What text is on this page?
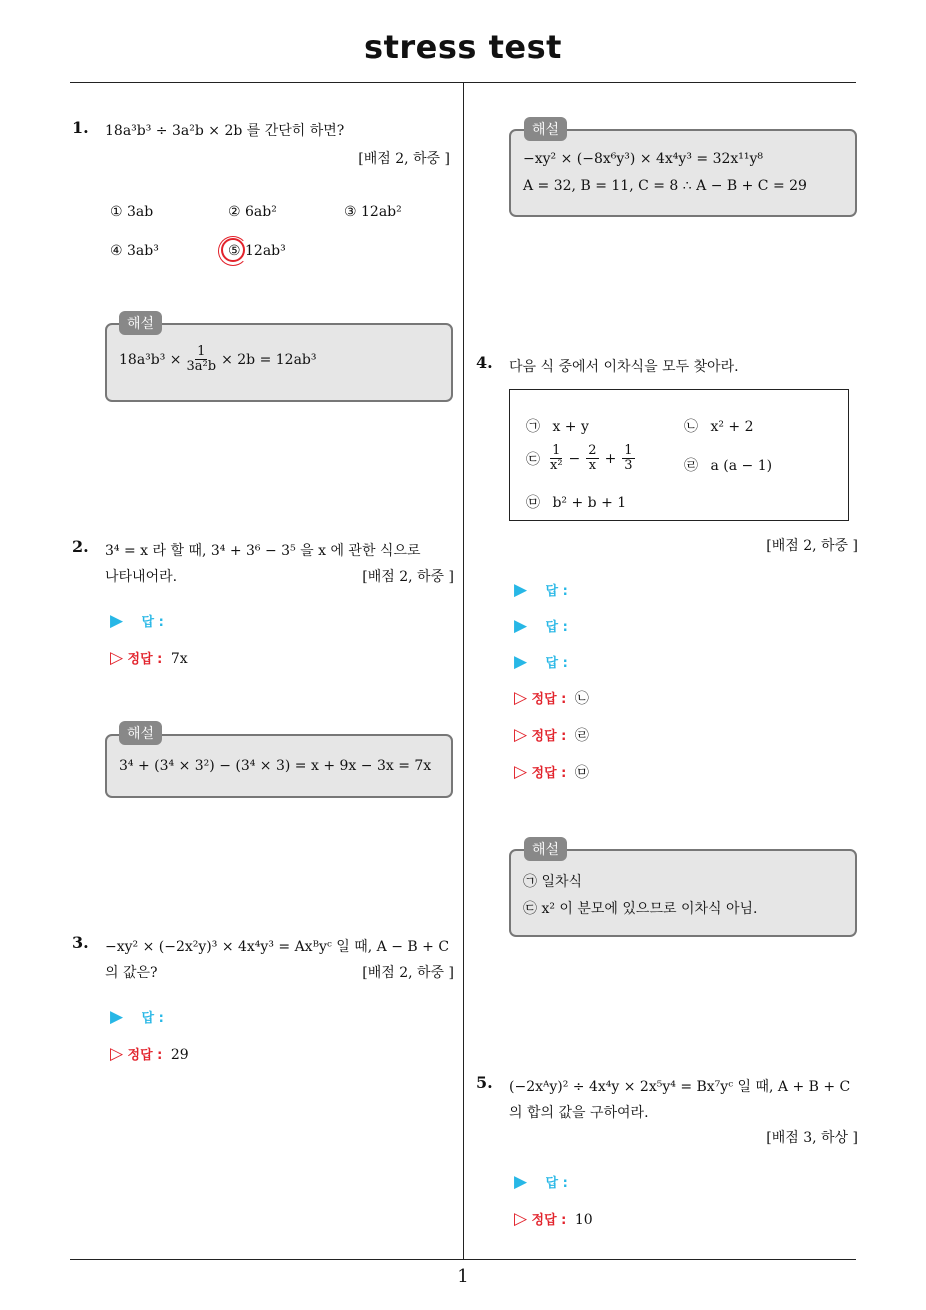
stress test
1
1. 18a³b³ ÷ 3a²b × 2b 를 간단히 하면?
[배점 2, 하중 ]
① 3ab	② 6ab²	③ 12ab²
④ 3ab³	⑤ 12ab³
$18a^3b^3 \times \frac{1}{\text{3a²b}} \times 2b = 12ab^3$
해설
2. 3⁴ = x 라 할 때, 3⁴ + 3⁶ − 3⁵ 을 x 에 관한 식으로
나타내어라.	[배점 2, 하중 ]
▶ 답 :
▷ 정답 : 7x
3⁴ + (3⁴ × 3²) − (3⁴ × 3) = x + 9x − 3x = 7x
해설
3. −xy² × (−2x²y)³ × 4x⁴y³ = Axᴮyᶜ 일 때, A − B + C
의 값은?	[배점 2, 하중 ]
▶ 답 :
▷ 정답 : 29
−xy² × (−8x⁶y³) × 4x⁴y³ = 32x¹¹y⁸
A = 32, B = 11, C = 8 ∴ A − B + C = 29
해설
4. 다음 식 중에서 이차식을 모두 찾아라.
㉠ x + y	㉡ x² + 2
㉢ $\frac{1}{\text{x²}} - \frac{2}{x} + \frac{1}{3}$	㉣ a (a − 1)
㉤ b² + b + 1
[배점 2, 하중 ]
▶ 답 :
▶ 답 :
▶ 답 :
▷ 정답 : ㉡
▷ 정답 : ㉣
▷ 정답 : ㉤
㉠ 일차식
㉢ x² 이 분모에 있으므로 이차식 아님.
해설
5. (−2xᴬy)² ÷ 4x⁴y × 2x⁵y⁴ = Bx⁷yᶜ 일 때, A + B + C
의 합의 값을 구하여라.
[배점 3, 하상 ]
▶ 답 :
▷ 정답 : 10
